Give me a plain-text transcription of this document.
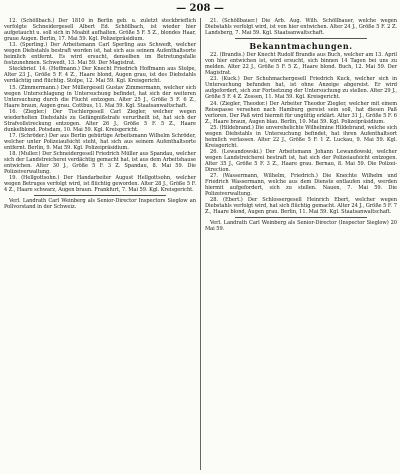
— 208 —

12. (Schöllbach.) Der 1810 in Berlin geb. u. zuletzt steckbrieflich verfolgte Schneidergesell Albert Ed. Schöllbach, ist wieder hier aufgetaucht u. soll sich in Moabit aufhalten. Größe 5 F. 5 Z., blondes Haar, graue Augen. Berlin, 17. Mai 59. Kgl. Polizeipräsidium.

13. (Sperling.) Der Arbeitsmann Carl Sperling aus Schwedt, welcher wegen Diebstahls bestraft worden ist, hat sich aus seinem Aufenthaltsorte heimlich entfernt. Es wird ersucht, denselben im Betretungsfalle festzunehmen. Schwedt, 13. Mai 59. Der Magistrat.

Steckbrief. 14. (Hoffmann.) Der Knecht Friedrich Hoffmann aus Stolpe, Alter 23 J., Größe 5 F. 4 Z., Haare blond, Augen grau, ist des Diebstahls verdächtig und flüchtig. Stolpe, 12. Mai 59. Kgl. Kreisgericht.

15. (Zimmermann.) Der Müllergesell Gustav Zimmermann, welcher sich wegen Unterschlagung in Untersuchung befindet, hat sich der weiteren Untersuchung durch die Flucht entzogen. Alter 25 J., Größe 5 F. 6 Z., Haare braun, Augen grau. Cottbus, 11. Mai 59. Kgl. Staatsanwaltschaft.

16. (Ziegler.) Der Tischlergesell Carl Ziegler, welcher wegen wiederholten Diebstahls zu Gefängnißstrafe verurtheilt ist, hat sich der Strafvollstreckung entzogen. Alter 26 J., Größe 5 F. 5 Z., Haare dunkelblond. Potsdam, 10. Mai 59. Kgl. Kreisgericht.

17. (Schröder.) Der aus Berlin gebürtige Arbeitsmann Wilhelm Schröder, welcher unter Polizeiaufsicht steht, hat sich aus seinem Aufenthaltsorte entfernt. Berlin, 9. Mai 59. Kgl. Polizeipräsidium.

18. (Muller.) Der Schneidergesell Friedrich Müller aus Spandau, welcher sich der Landstreicherei verdächtig gemacht hat, ist aus dem Arbeitshause entwichen. Alter 30 J., Größe 5 F. 3 Z. Spandau, 8. Mai 59. Die Polizeiverwaltung.

19. (Hellgottsohn.) Der Handarbeiter August Hellgottsohn, welcher wegen Betruges verfolgt wird, ist flüchtig geworden. Alter 28 J., Größe 5 F. 4 Z., Haare schwarz, Augen braun. Frankfurt, 7. Mai 59. Kgl. Kreisgericht.

Verl. Landrath Carl Weinberg als Senior-Director Inspectors Sieglow an Pollvorstand in der Schweiz.

21. (Schöllbauer.) Die Arb. Aug. Wilh. Schöllbauer, welche wegen Diebstahls verfolgt wird, ist von hier entwichen. Alter 24 J., Größe 5 F. 2 Z. Landsberg, 7. Mai 59. Kgl. Staatsanwaltschaft.

Bekanntmachungen.

22. (Brandis.) Der Knecht Rudolf Brandis aus Buch, welcher am 13. April von hier entwichen ist, wird ersucht, sich binnen 14 Tagen bei uns zu melden. Alter 22 J., Größe 5 F. 5 Z., Haare blond. Buch, 12. Mai 59. Der Magistrat.

23. (Kuck.) Der Schuhmachergesell Friedrich Kuck, welcher sich in Untersuchung befunden hat, ist ohne Anzeige abgereist. Er wird aufgefordert, sich zur Fortsetzung der Untersuchung zu stellen. Alter 29 J., Größe 5 F. 4 Z. Zossen, 11. Mai 59. Kgl. Kreisgericht.

24. (Ziegler, Theodor.) Der Arbeiter Theodor Ziegler, welcher mit einem Reisepasse versehen nach Hamburg gereist sein soll, hat diesen Paß verloren. Der Paß wird hiermit für ungültig erklärt. Alter 31 J., Größe 5 F. 6 Z., Haare braun, Augen blau. Berlin, 10. Mai 59. Kgl. Polizeipräsidium.

25. (Hildebrand.) Die unverehelichte Wilhelmine Hildebrand, welche sich wegen Diebstahls in Untersuchung befindet, hat ihren Aufenthaltsort heimlich verlassen. Alter 22 J., Größe 5 F. 1 Z. Luckau, 9. Mai 59. Kgl. Kreisgericht.

26. (Lewandowski.) Der Arbeitsmann Johann Lewandowski, welcher wegen Landstreicherei bestraft ist, hat sich der Polizeiaufsicht entzogen. Alter 35 J., Größe 5 F. 3 Z., Haare grau. Bernau, 8. Mai 59. Die Polizei-Direction.

27. (Wassermann, Wilhelm, Friedrich.) Die Knechte Wilhelm und Friedrich Wassermann, welche aus dem Dienste entlaufen sind, werden hiermit aufgefordert, sich zu stellen. Nauen, 7. Mai 59. Die Polizeiverwaltung.

28. (Ebert.) Der Schlossergesell Heinrich Ebert, welcher wegen Diebstahls verfolgt wird, hat sich flüchtig gemacht. Alter 24 J., Größe 5 F. 7 Z., Haare blond, Augen grau. Berlin, 11. Mai 59. Kgl. Staatsanwaltschaft.

Verl. Landrath Carl Weinberg als Senior-Director (Inspector Sieglow) 20 Mai 59.
